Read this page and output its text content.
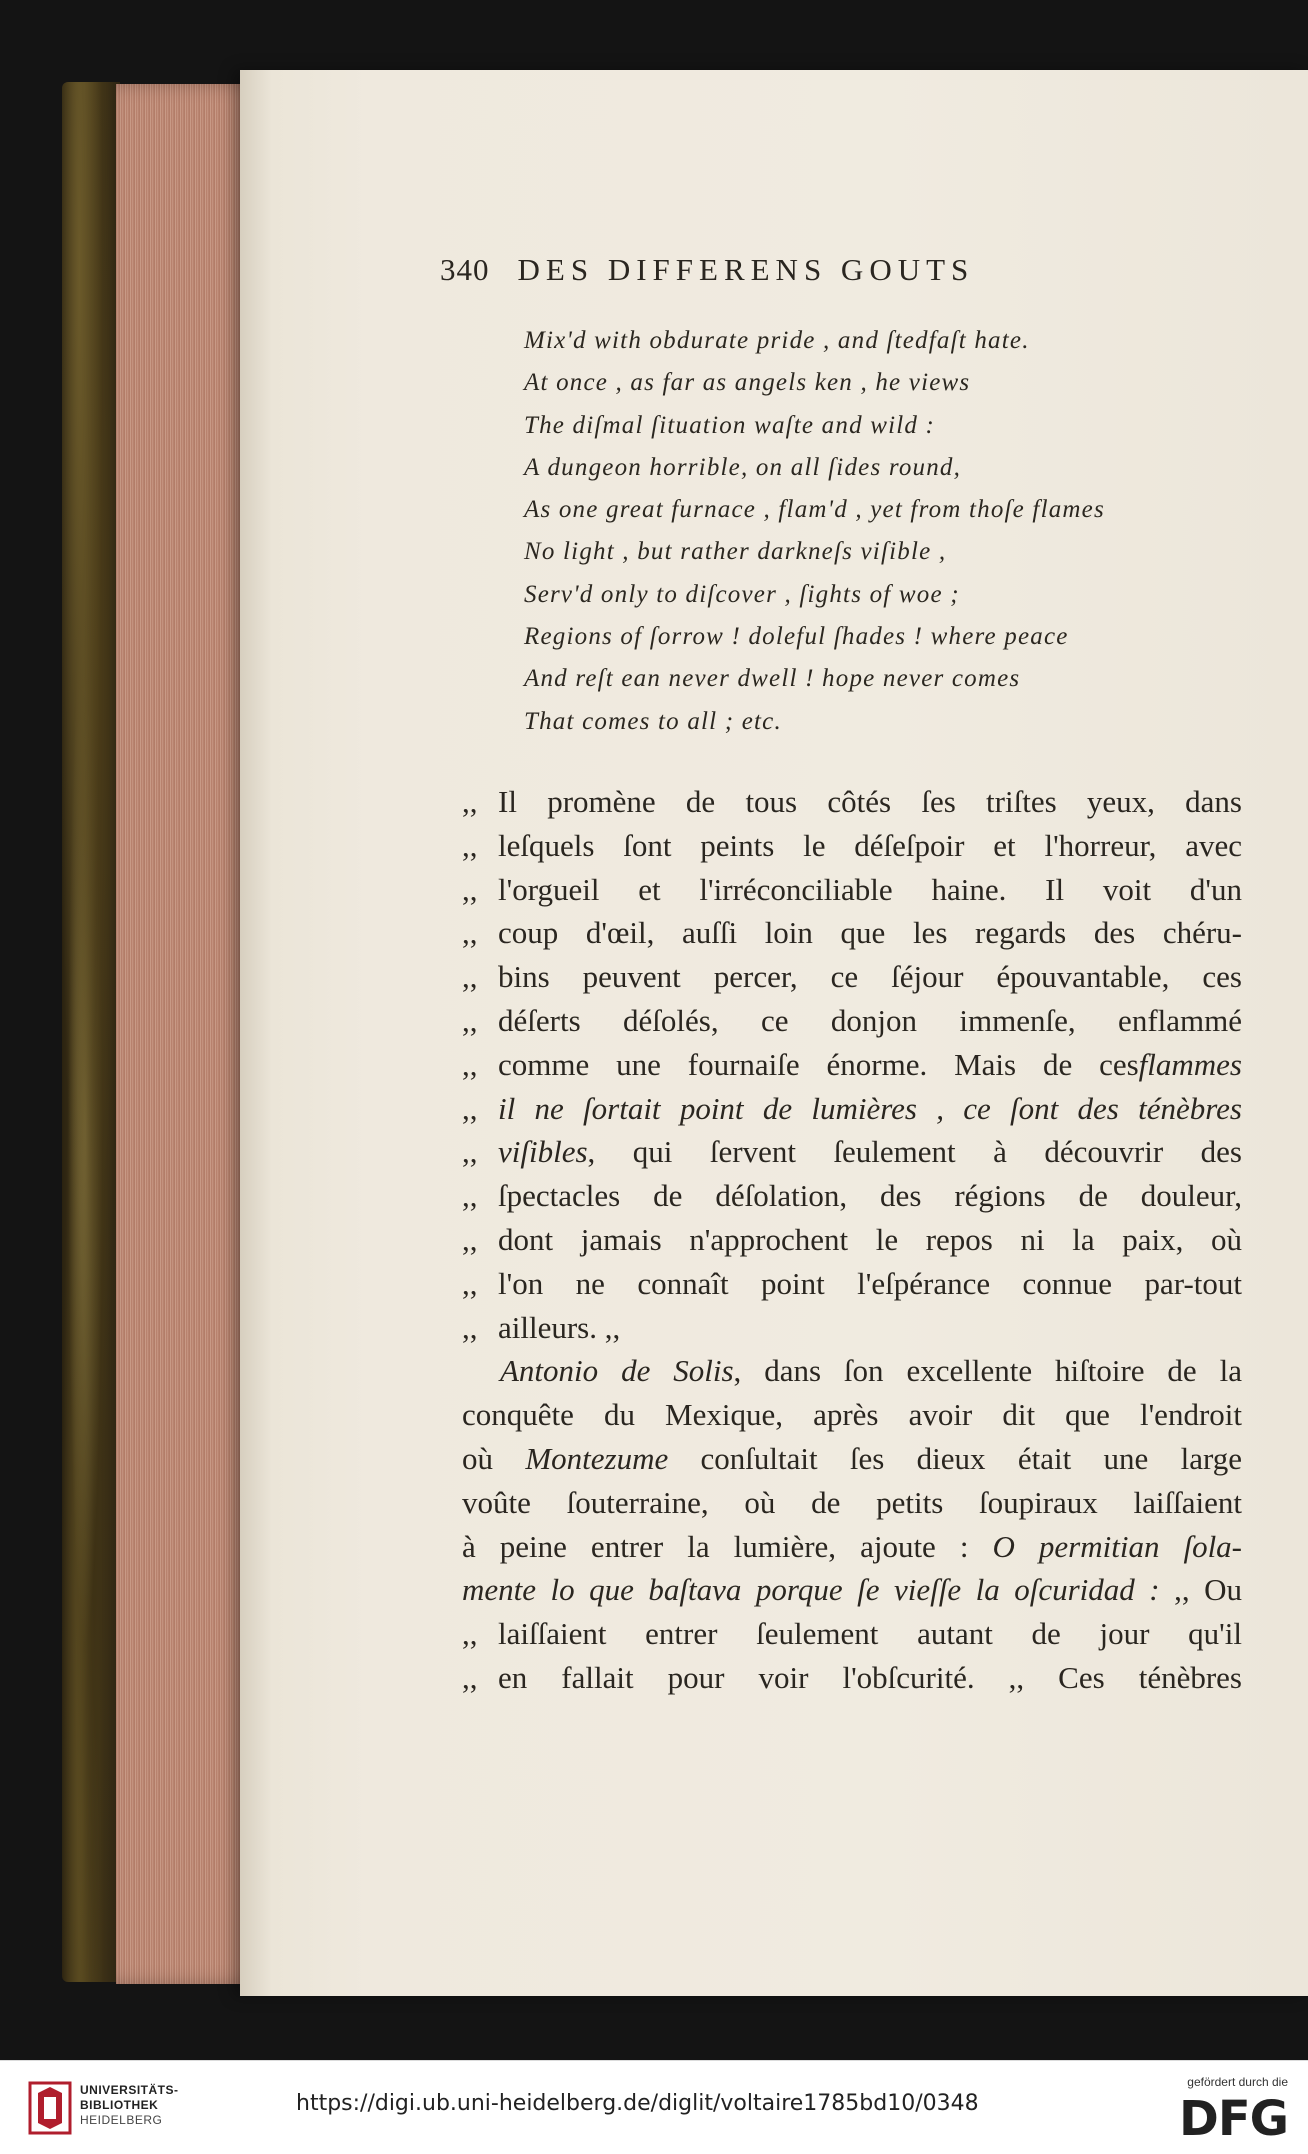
340 DES DIFFERENS GOUTS
Mix'd with obdurate pride , and ſtedfaſt hate.
At once , as far as angels ken , he views
The diſmal ſituation waſte and wild :
A dungeon horrible, on all ſides round,
As one great furnace , flam'd , yet from thoſe flames
No light , but rather darkneſs viſible ,
Serv'd only to diſcover , ſights of woe ;
Regions of ſorrow ! doleful ſhades ! where peace
And reſt ean never dwell ! hope never comes
That comes to all ; etc.
,, Il promène de tous côtés ſes triſtes yeux, dans
,, leſquels ſont peints le déſeſpoir et l'horreur, avec
,, l'orgueil et l'irréconciliable haine. Il voit d'un
,, coup d'œil, auſſi loin que les regards des chéru-
,, bins peuvent percer, ce ſéjour épouvantable, ces
,, déſerts déſolés, ce donjon immenſe, enflammé
,, comme une fournaiſe énorme. Mais de cesflammes
,, il ne ſortait point de lumières , ce ſont des ténèbres
,, viſibles, qui ſervent ſeulement à découvrir des
,, ſpectacles de déſolation, des régions de douleur,
,, dont jamais n'approchent le repos ni la paix, où
,, l'on ne connaît point l'eſpérance connue par-tout
,, ailleurs. ,,
Antonio de Solis, dans ſon excellente hiſtoire de la
conquête du Mexique, après avoir dit que l'endroit
où Montezume conſultait ſes dieux était une large
voûte ſouterraine, où de petits ſoupiraux laiſſaient
à peine entrer la lumière, ajoute : O permitian ſola-
mente lo que baſtava porque ſe vieſſe la oſcuridad : ,, Ou
,, laiſſaient entrer ſeulement autant de jour qu'il
,, en fallait pour voir l'obſcurité. ,, Ces ténèbres
UNIVERSITÄTS-
BIBLIOTHEK
HEIDELBERG
https://digi.ub.uni-heidelberg.de/diglit/voltaire1785bd10/0348
gefördert durch die
DFG
